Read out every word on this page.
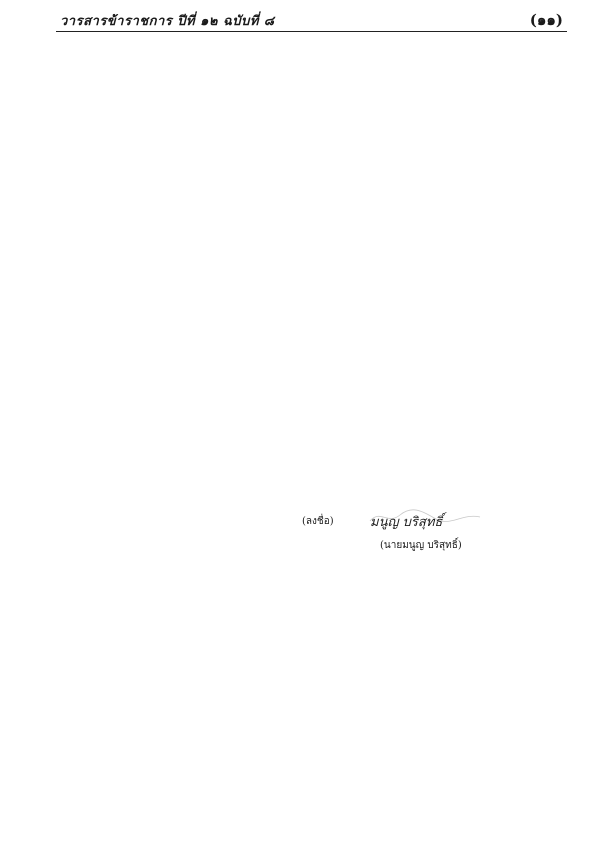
วารสารข้าราชการ ปีที่ ๑๒ ฉบับที่ ๘	(๑๑)
(ลงชื่อ)	มนูญ บริสุทธิ์
(นายมนูญ บริสุทธิ์)
